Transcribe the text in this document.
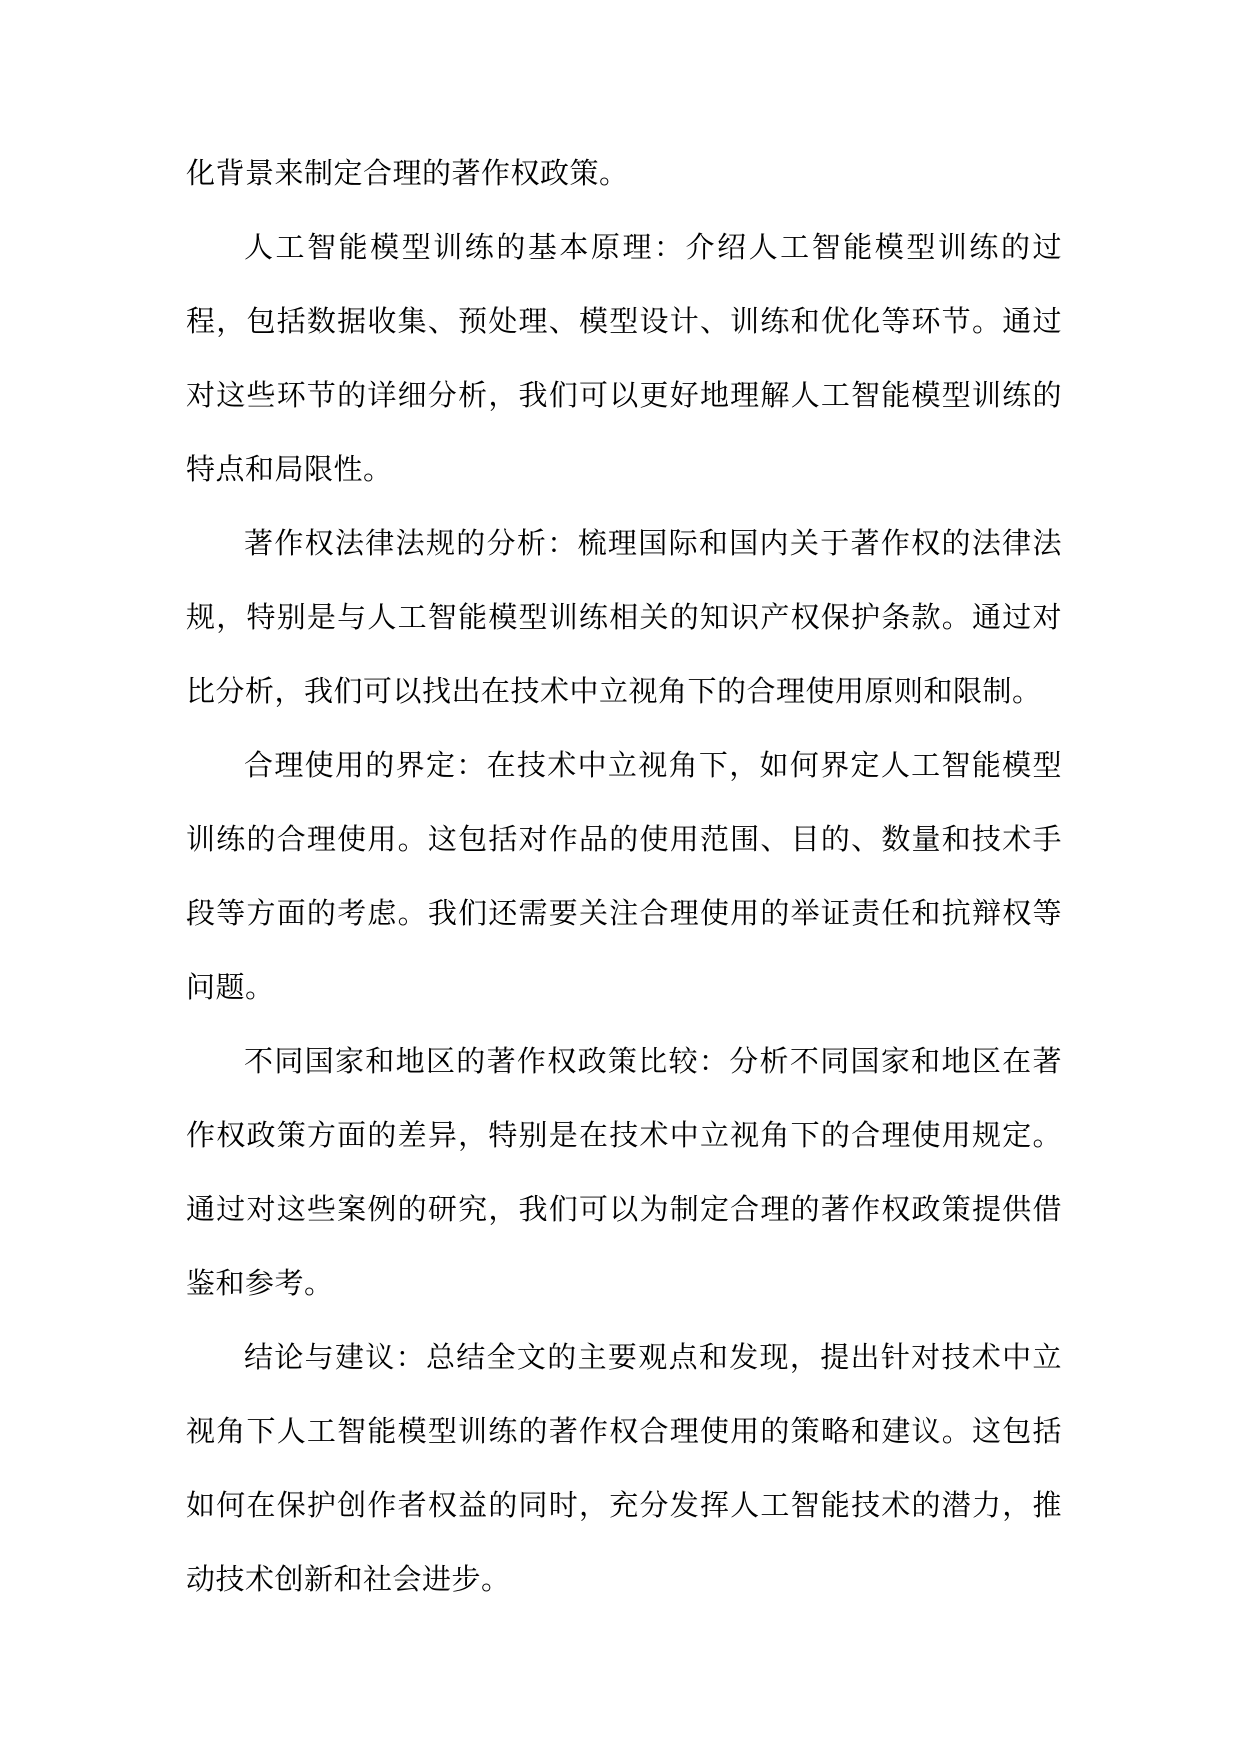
化背景来制定合理的著作权政策。

人工智能模型训练的基本原理：介绍人工智能模型训练的过程，包括数据收集、预处理、模型设计、训练和优化等环节。通过对这些环节的详细分析，我们可以更好地理解人工智能模型训练的特点和局限性。

著作权法律法规的分析：梳理国际和国内关于著作权的法律法规，特别是与人工智能模型训练相关的知识产权保护条款。通过对比分析，我们可以找出在技术中立视角下的合理使用原则和限制。

合理使用的界定：在技术中立视角下，如何界定人工智能模型训练的合理使用。这包括对作品的使用范围、目的、数量和技术手段等方面的考虑。我们还需要关注合理使用的举证责任和抗辩权等问题。

不同国家和地区的著作权政策比较：分析不同国家和地区在著作权政策方面的差异，特别是在技术中立视角下的合理使用规定。通过对这些案例的研究，我们可以为制定合理的著作权政策提供借鉴和参考。

结论与建议：总结全文的主要观点和发现，提出针对技术中立视角下人工智能模型训练的著作权合理使用的策略和建议。这包括如何在保护创作者权益的同时，充分发挥人工智能技术的潜力，推动技术创新和社会进步。
